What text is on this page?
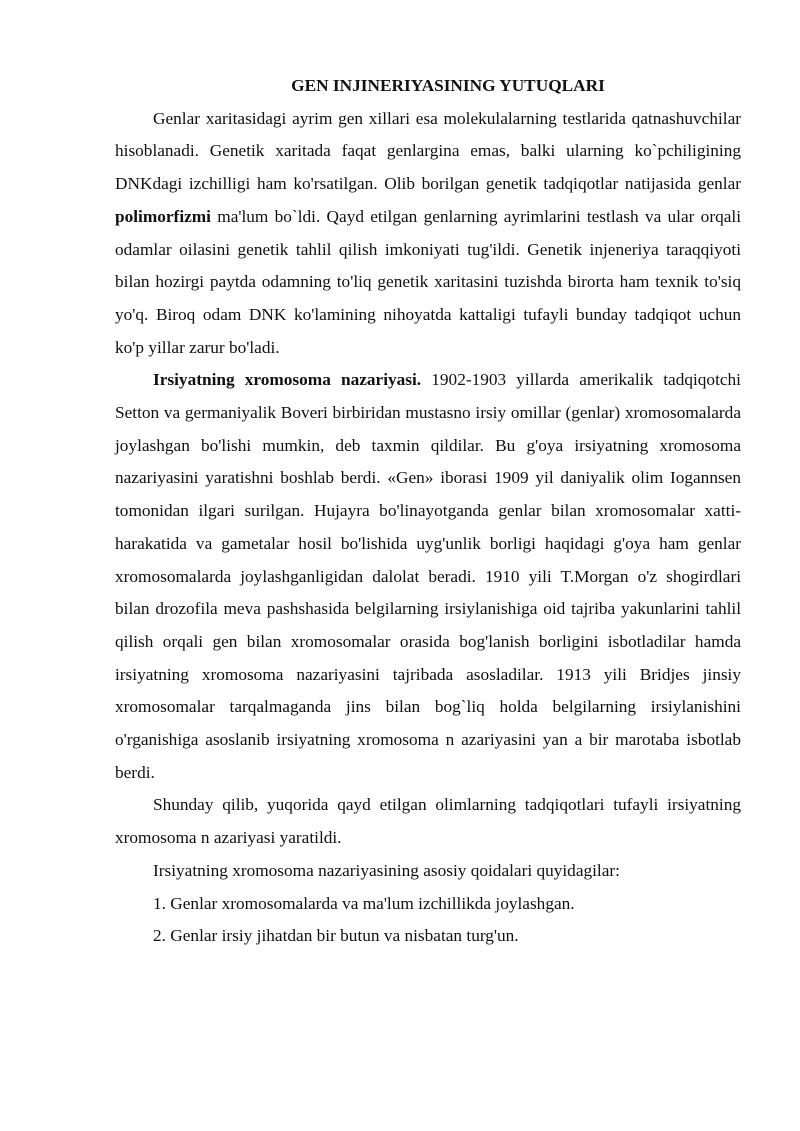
GEN INJINERIYASINING YUTUQLARI

Genlar xaritasidagi ayrim gen xillari esa molekulalarning testlarida qatnashuvchilar hisoblanadi. Genetik xaritada faqat genlargina emas, balki ularning ko`pchiligining DNKdagi izchilligi ham ko'rsatilgan. Olib borilgan genetik tadqiqotlar natijasida genlar polimorfizmi ma'lum bo`ldi. Qayd etilgan genlarning ayrimlarini testlash va ular orqali odamlar oilasini genetik tahlil qilish imkoniyati tug'ildi. Genetik injeneriya taraqqiyoti bilan hozirgi paytda odamning to'liq genetik xaritasini tuzishda birorta ham texnik to'siq yo'q. Biroq odam DNK ko'lamining nihoyatda kattaligi tufayli bunday tadqiqot uchun ko'p yillar zarur bo'ladi.

Irsiyatning xromosoma nazariyasi. 1902-1903 yillarda amerikalik tadqiqotchi Setton va germaniyalik Boveri birbiridan mustasno irsiy omillar (genlar) xromosomalarda joylashgan bo'lishi mumkin, deb taxmin qildilar. Bu g'oya irsiyatning xromosoma nazariyasini yaratishni boshlab berdi. «Gen» iborasi 1909 yil daniyalik olim Iogannsen tomonidan ilgari surilgan. Hujayra bo'linayotganda genlar bilan xromosomalar xatti-harakatida va gametalar hosil bo'lishida uyg'unlik borligi haqidagi g'oya ham genlar xromosomalarda joylashganligidan dalolat beradi. 1910 yili T.Morgan o'z shogirdlari bilan drozofila meva pashshasida belgilarning irsiylanishiga oid tajriba yakunlarini tahlil qilish orqali gen bilan xromosomalar orasida bog'lanish borligini isbotladilar hamda irsiyatning xromosoma nazariyasini tajribada asosladilar. 1913 yili Bridjes jinsiy xromosomalar tarqalmaganda jins bilan bog`liq holda belgilarning irsiylanishini o'rganishiga asoslanib irsiyatning xromosoma n azariyasini yan a bir marotaba isbotlab berdi.

Shunday qilib, yuqorida qayd etilgan olimlarning tadqiqotlari tufayli irsiyatning xromosoma n azariyasi yaratildi.

Irsiyatning xromosoma nazariyasining asosiy qoidalari quyidagilar:

1. Genlar xromosomalarda va ma'lum izchillikda joylashgan.

2. Genlar irsiy jihatdan bir butun va nisbatan turg'un.
